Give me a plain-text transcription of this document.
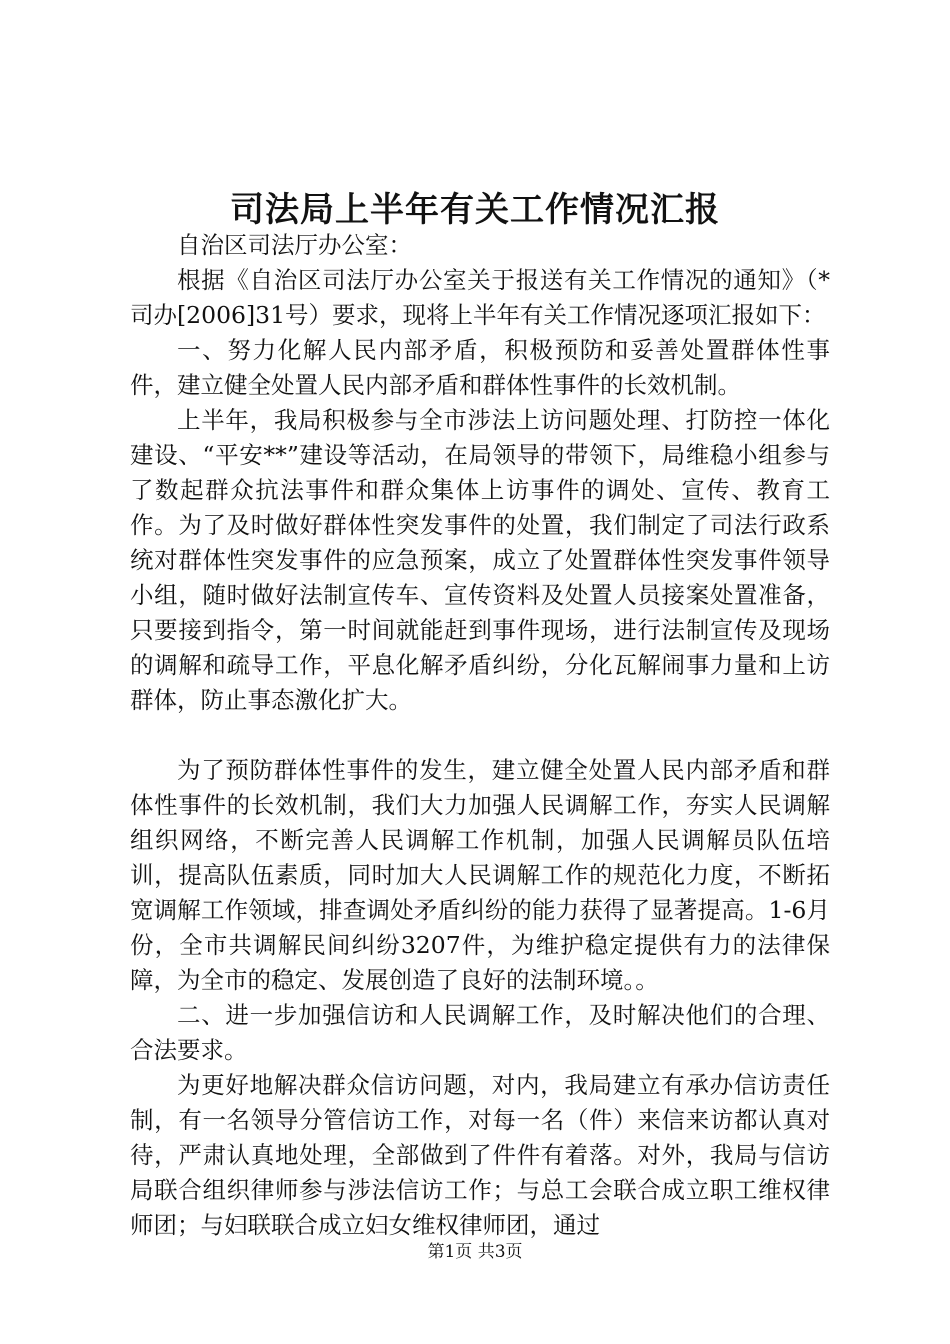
司法局上半年有关工作情况汇报

自治区司法厅办公室：

根据《自治区司法厅办公室关于报送有关工作情况的通知》（*司办[2006]31号）要求，现将上半年有关工作情况逐项汇报如下：

一、努力化解人民内部矛盾，积极预防和妥善处置群体性事件，建立健全处置人民内部矛盾和群体性事件的长效机制。

上半年，我局积极参与全市涉法上访问题处理、打防控一体化建设、“平安**”建设等活动，在局领导的带领下，局维稳小组参与了数起群众抗法事件和群众集体上访事件的调处、宣传、教育工作。为了及时做好群体性突发事件的处置，我们制定了司法行政系统对群体性突发事件的应急预案，成立了处置群体性突发事件领导小组，随时做好法制宣传车、宣传资料及处置人员接案处置准备，只要接到指令，第一时间就能赶到事件现场，进行法制宣传及现场的调解和疏导工作，平息化解矛盾纠纷，分化瓦解闹事力量和上访群体，防止事态激化扩大。

为了预防群体性事件的发生，建立健全处置人民内部矛盾和群体性事件的长效机制，我们大力加强人民调解工作，夯实人民调解组织网络，不断完善人民调解工作机制，加强人民调解员队伍培训，提高队伍素质，同时加大人民调解工作的规范化力度，不断拓宽调解工作领域，排查调处矛盾纠纷的能力获得了显著提高。1-6月份，全市共调解民间纠纷3207件，为维护稳定提供有力的法律保障，为全市的稳定、发展创造了良好的法制环境。。

二、进一步加强信访和人民调解工作，及时解决他们的合理、合法要求。

为更好地解决群众信访问题，对内，我局建立有承办信访责任制，有一名领导分管信访工作，对每一名（件）来信来访都认真对待，严肃认真地处理，全部做到了件件有着落。对外，我局与信访局联合组织律师参与涉法信访工作；与总工会联合成立职工维权律师团；与妇联联合成立妇女维权律师团，通过

第1页 共3页
